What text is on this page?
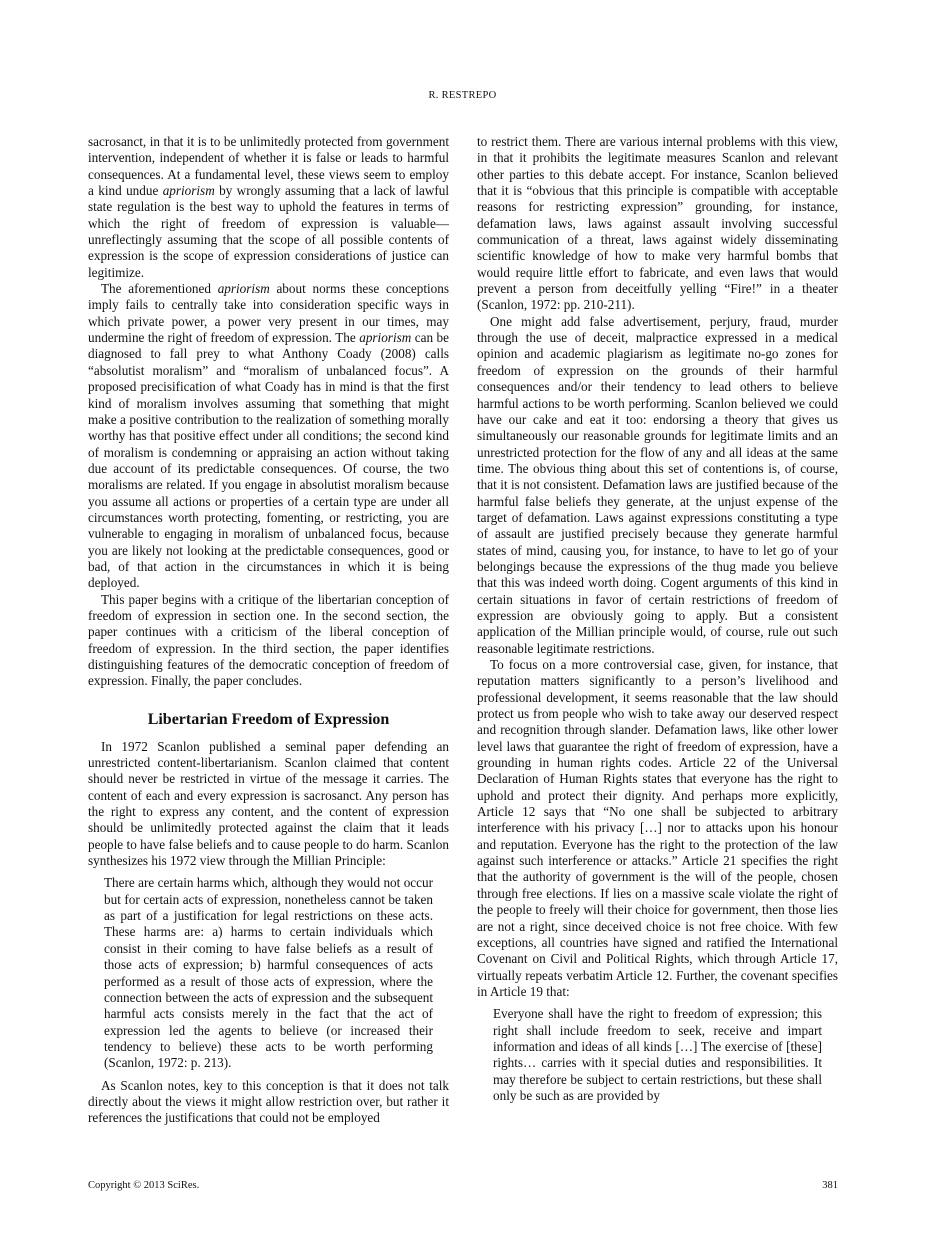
R. RESTREPO

sacrosanct, in that it is to be unlimitedly protected from government intervention, independent of whether it is false or leads to harmful consequences. At a fundamental level, these views seem to employ a kind undue apriorism by wrongly assuming that a lack of lawful state regulation is the best way to uphold the features in terms of which the right of freedom of expression is valuable—unreflectingly assuming that the scope of all possible contents of expression is the scope of expression considerations of justice can legitimize.

The aforementioned apriorism about norms these conceptions imply fails to centrally take into consideration specific ways in which private power, a power very present in our times, may undermine the right of freedom of expression. The apriorism can be diagnosed to fall prey to what Anthony Coady (2008) calls “absolutist moralism” and “moralism of unbalanced focus”. A proposed precisification of what Coady has in mind is that the first kind of moralism involves assuming that something that might make a positive contribution to the realization of something morally worthy has that positive effect under all conditions; the second kind of moralism is condemning or appraising an action without taking due account of its predictable consequences. Of course, the two moralisms are related. If you engage in absolutist moralism because you assume all actions or properties of a certain type are under all circumstances worth protecting, fomenting, or restricting, you are vulnerable to engaging in moralism of unbalanced focus, because you are likely not looking at the predictable consequences, good or bad, of that action in the circumstances in which it is being deployed.

This paper begins with a critique of the libertarian conception of freedom of expression in section one. In the second section, the paper continues with a criticism of the liberal conception of freedom of expression. In the third section, the paper identifies distinguishing features of the democratic conception of freedom of expression. Finally, the paper concludes.

Libertarian Freedom of Expression

In 1972 Scanlon published a seminal paper defending an unrestricted content-libertarianism. Scanlon claimed that content should never be restricted in virtue of the message it carries. The content of each and every expression is sacrosanct. Any person has the right to express any content, and the content of expression should be unlimitedly protected against the claim that it leads people to have false beliefs and to cause people to do harm. Scanlon synthesizes his 1972 view through the Millian Principle:

There are certain harms which, although they would not occur but for certain acts of expression, nonetheless cannot be taken as part of a justification for legal restrictions on these acts. These harms are: a) harms to certain individuals which consist in their coming to have false beliefs as a result of those acts of expression; b) harmful consequences of acts performed as a result of those acts of expression, where the connection between the acts of expression and the subsequent harmful acts consists merely in the fact that the act of expression led the agents to believe (or increased their tendency to believe) these acts to be worth performing (Scanlon, 1972: p. 213).

As Scanlon notes, key to this conception is that it does not talk directly about the views it might allow restriction over, but rather it references the justifications that could not be employed

to restrict them. There are various internal problems with this view, in that it prohibits the legitimate measures Scanlon and relevant other parties to this debate accept. For instance, Scanlon believed that it is “obvious that this principle is compatible with acceptable reasons for restricting expression” grounding, for instance, defamation laws, laws against assault involving successful communication of a threat, laws against widely disseminating scientific knowledge of how to make very harmful bombs that would require little effort to fabricate, and even laws that would prevent a person from deceitfully yelling “Fire!” in a theater (Scanlon, 1972: pp. 210-211).

One might add false advertisement, perjury, fraud, murder through the use of deceit, malpractice expressed in a medical opinion and academic plagiarism as legitimate no-go zones for freedom of expression on the grounds of their harmful consequences and/or their tendency to lead others to believe harmful actions to be worth performing. Scanlon believed we could have our cake and eat it too: endorsing a theory that gives us simultaneously our reasonable grounds for legitimate limits and an unrestricted protection for the flow of any and all ideas at the same time. The obvious thing about this set of contentions is, of course, that it is not consistent. Defamation laws are justified because of the harmful false beliefs they generate, at the unjust expense of the target of defamation. Laws against expressions constituting a type of assault are justified precisely because they generate harmful states of mind, causing you, for instance, to have to let go of your belongings because the expressions of the thug made you believe that this was indeed worth doing. Cogent arguments of this kind in certain situations in favor of certain restrictions of freedom of expression are obviously going to apply. But a consistent application of the Millian principle would, of course, rule out such reasonable legitimate restrictions.

To focus on a more controversial case, given, for instance, that reputation matters significantly to a person’s livelihood and professional development, it seems reasonable that the law should protect us from people who wish to take away our deserved respect and recognition through slander. Defamation laws, like other lower level laws that guarantee the right of freedom of expression, have a grounding in human rights codes. Article 22 of the Universal Declaration of Human Rights states that everyone has the right to uphold and protect their dignity. And perhaps more explicitly, Article 12 says that “No one shall be subjected to arbitrary interference with his privacy […] nor to attacks upon his honour and reputation. Everyone has the right to the protection of the law against such interference or attacks.” Article 21 specifies the right that the authority of government is the will of the people, chosen through free elections. If lies on a massive scale violate the right of the people to freely will their choice for government, then those lies are not a right, since deceived choice is not free choice. With few exceptions, all countries have signed and ratified the International Covenant on Civil and Political Rights, which through Article 17, virtually repeats verbatim Article 12. Further, the covenant specifies in Article 19 that:

Everyone shall have the right to freedom of expression; this right shall include freedom to seek, receive and impart information and ideas of all kinds […] The exercise of [these] rights… carries with it special duties and responsibilities. It may therefore be subject to certain restrictions, but these shall only be such as are provided by

Copyright © 2013 SciRes.	381
